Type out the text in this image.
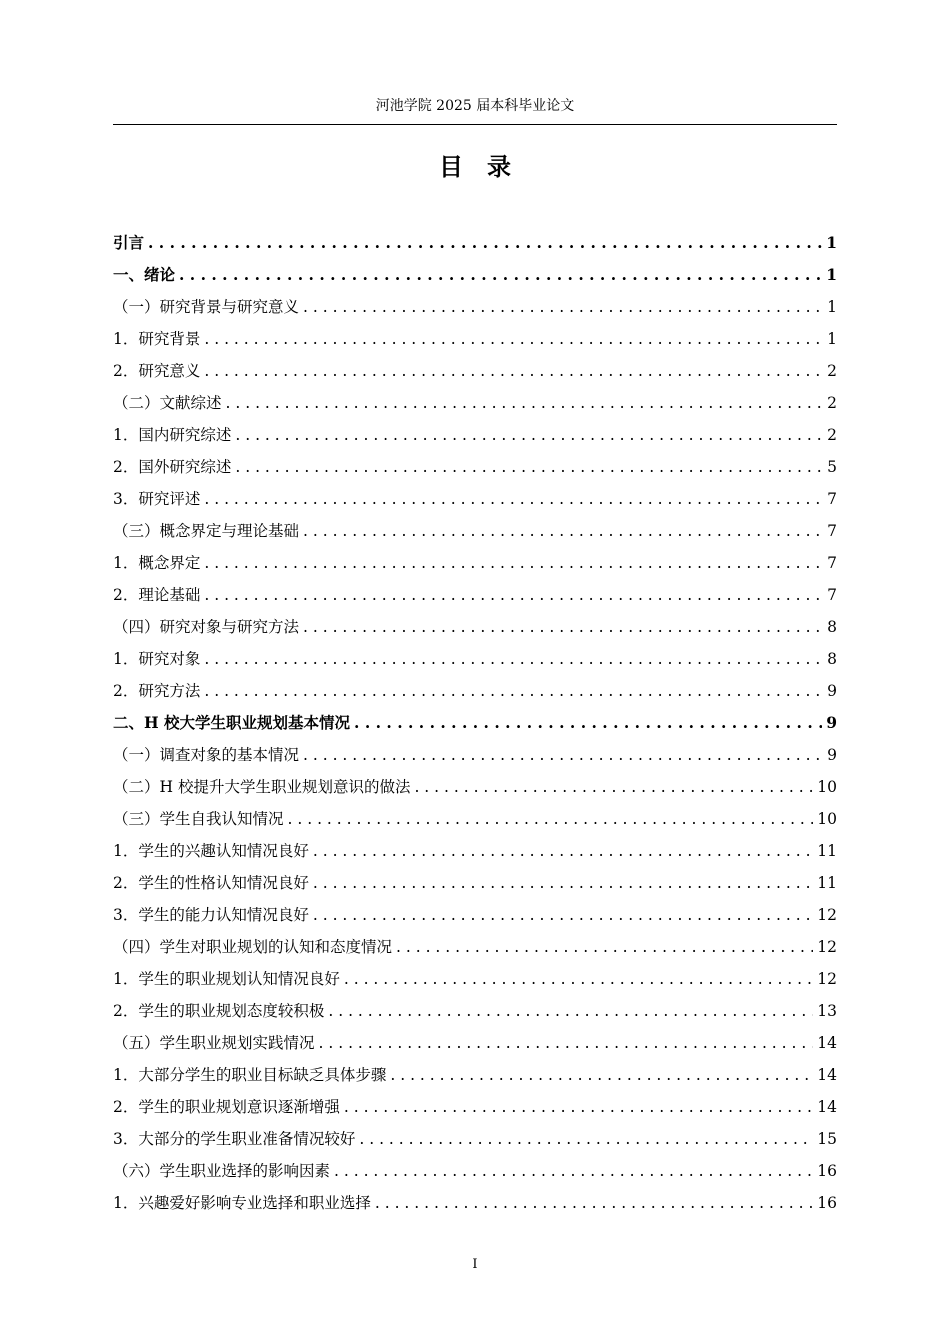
河池学院 2025 届本科毕业论文
目录
引言 . . .	1
一、绪论 . . .	1
（一）研究背景与研究意义 . . .	1
1．研究背景 . . .	1
2．研究意义 . . .	2
（二）文献综述 . . .	2
1．国内研究综述 . . .	2
2．国外研究综述 . . .	5
3．研究评述 . . .	7
（三）概念界定与理论基础 . . .	7
1．概念界定 . . .	7
2．理论基础 . . .	7
（四）研究对象与研究方法 . . .	8
1．研究对象 . . .	8
2．研究方法 . . .	9
二、H 校大学生职业规划基本情况 . . .	9
（一）调查对象的基本情况 . . .	9
（二）H 校提升大学生职业规划意识的做法 . . .	10
（三）学生自我认知情况 . . .	10
1．学生的兴趣认知情况良好 . . .	11
2．学生的性格认知情况良好 . . .	11
3．学生的能力认知情况良好 . . .	12
（四）学生对职业规划的认知和态度情况 . . .	12
1．学生的职业规划认知情况良好 . . .	12
2．学生的职业规划态度较积极 . . .	13
（五）学生职业规划实践情况 . . .	14
1．大部分学生的职业目标缺乏具体步骤 . . .	14
2．学生的职业规划意识逐渐增强 . . .	14
3．大部分的学生职业准备情况较好 . . .	15
（六）学生职业选择的影响因素 . . .	16
1．兴趣爱好影响专业选择和职业选择 . . .	16
I
